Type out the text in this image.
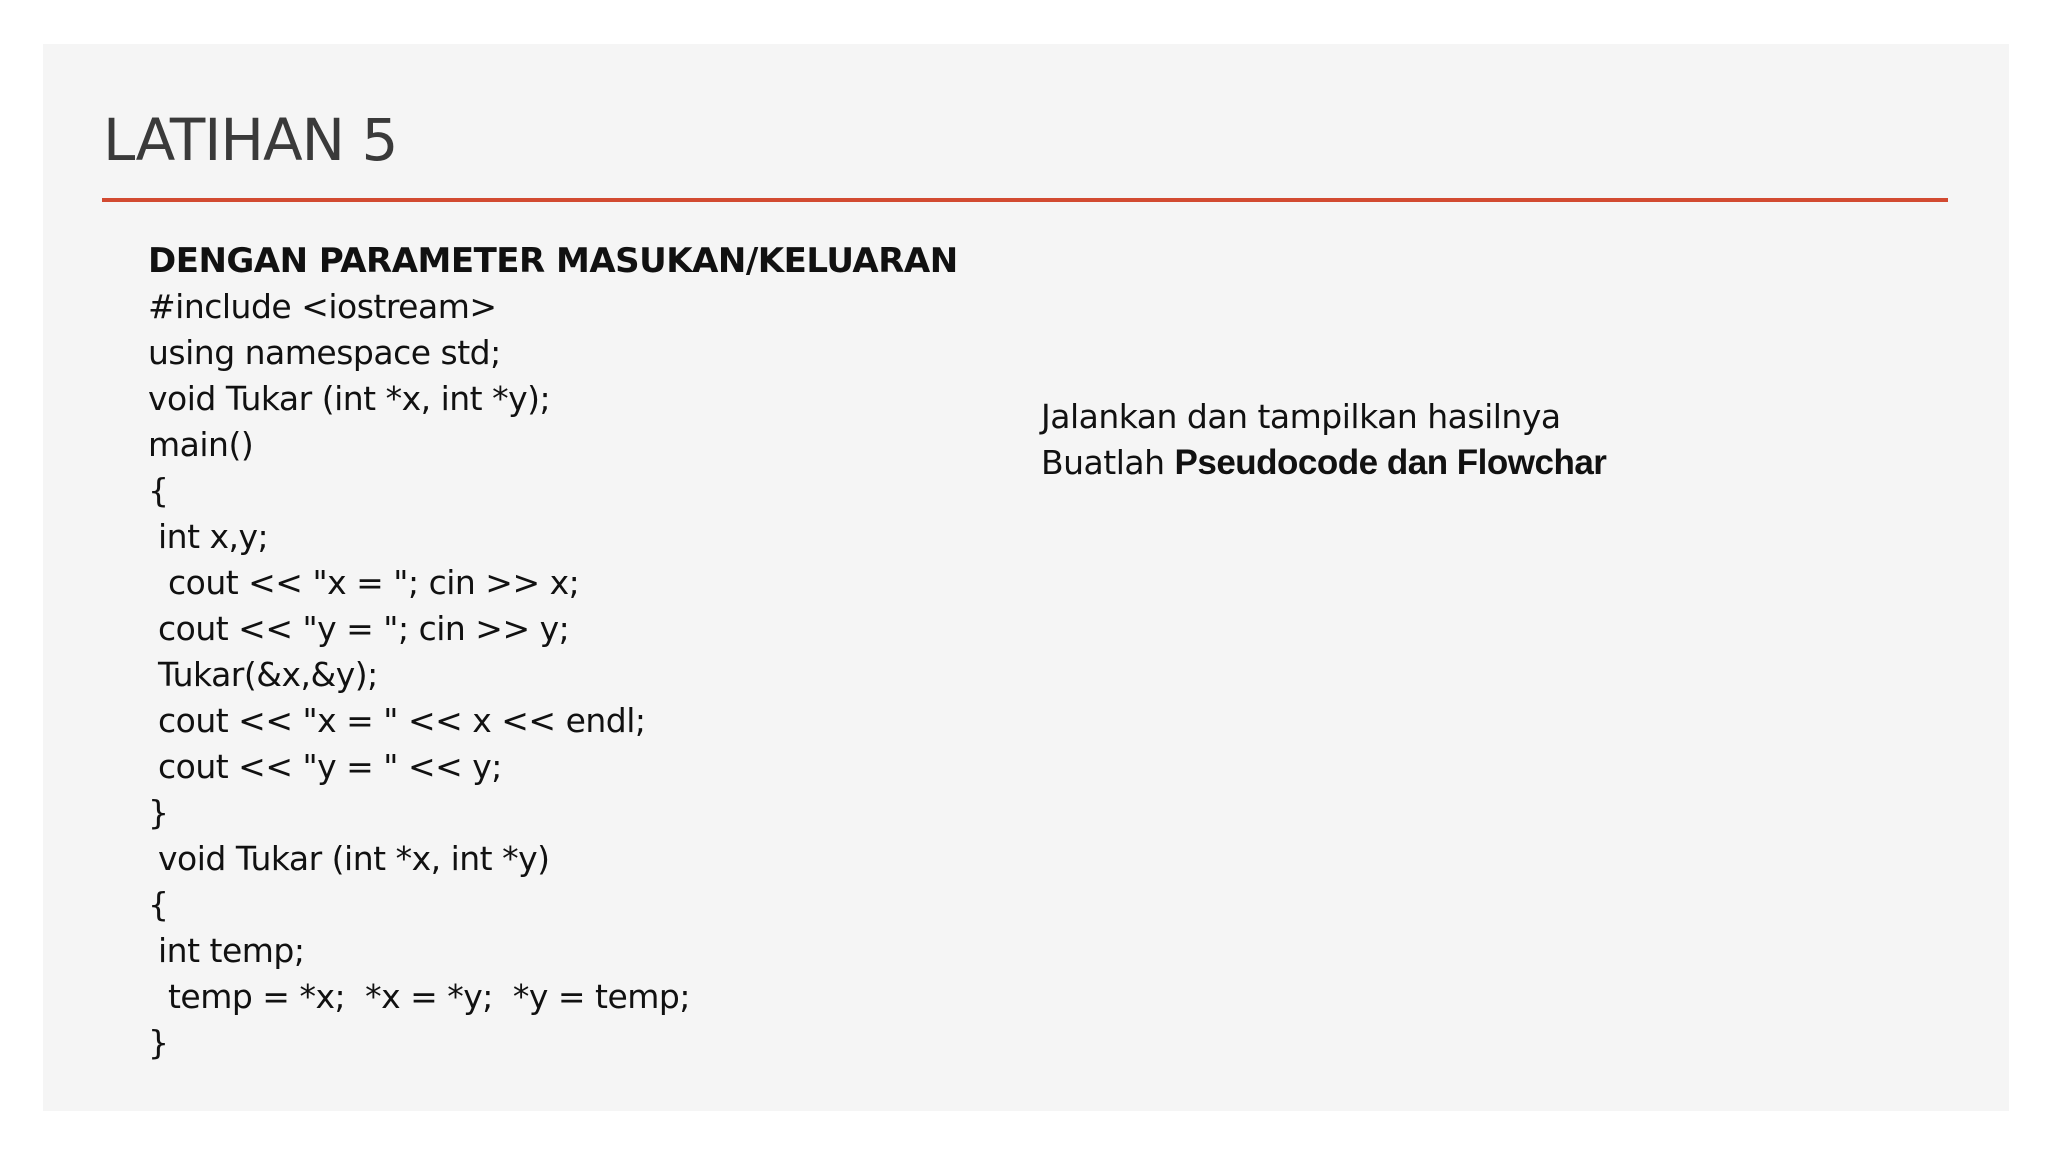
LATIHAN 5

DENGAN PARAMETER MASUKAN/KELUARAN

#include <iostream>
using namespace std;
void Tukar (int *x, int *y);
main()
{
int x,y;
cout << "x = "; cin >> x;
cout << "y = "; cin >> y;
Tukar(&x,&y);
cout << "x = " << x << endl;
cout << "y = " << y;
}
void Tukar (int *x, int *y)
{
int temp;
temp = *x;  *x = *y;  *y = temp;
}
Jalankan dan tampilkan hasilnya
Buatlah Pseudocode dan Flowchar
